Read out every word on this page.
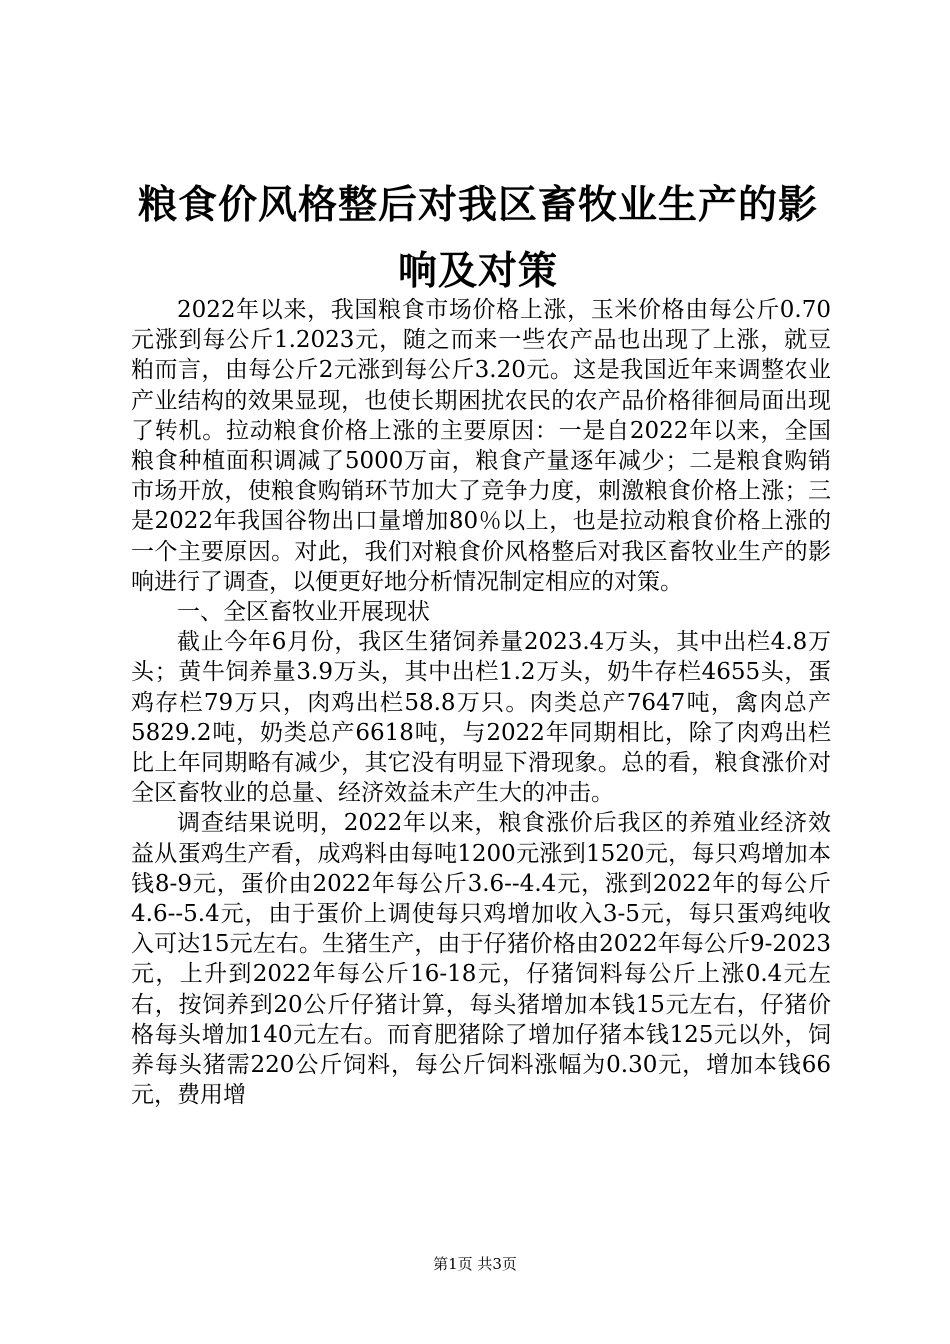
粮食价风格整后对我区畜牧业生产的影响及对策

2022年以来，我国粮食市场价格上涨，玉米价格由每公斤0.70元涨到每公斤1.2023元，随之而来一些农产品也出现了上涨，就豆粕而言，由每公斤2元涨到每公斤3.20元。这是我国近年来调整农业产业结构的效果显现，也使长期困扰农民的农产品价格徘徊局面出现了转机。拉动粮食价格上涨的主要原因：一是自2022年以来，全国粮食种植面积调减了5000万亩，粮食产量逐年减少；二是粮食购销市场开放，使粮食购销环节加大了竞争力度，刺激粮食价格上涨；三是2022年我国谷物出口量增加80％以上，也是拉动粮食价格上涨的一个主要原因。对此，我们对粮食价风格整后对我区畜牧业生产的影响进行了调查，以便更好地分析情况制定相应的对策。

一、全区畜牧业开展现状

截止今年6月份，我区生猪饲养量2023.4万头，其中出栏4.8万头；黄牛饲养量3.9万头，其中出栏1.2万头，奶牛存栏4655头，蛋鸡存栏79万只，肉鸡出栏58.8万只。肉类总产7647吨，禽肉总产5829.2吨，奶类总产6618吨，与2022年同期相比，除了肉鸡出栏比上年同期略有减少，其它没有明显下滑现象。总的看，粮食涨价对全区畜牧业的总量、经济效益未产生大的冲击。

调查结果说明，2022年以来，粮食涨价后我区的养殖业经济效益从蛋鸡生产看，成鸡料由每吨1200元涨到1520元，每只鸡增加本钱8-9元，蛋价由2022年每公斤3.6--4.4元，涨到2022年的每公斤4.6--5.4元，由于蛋价上调使每只鸡增加收入3-5元，每只蛋鸡纯收入可达15元左右。生猪生产，由于仔猪价格由2022年每公斤9-2023元，上升到2022年每公斤16-18元，仔猪饲料每公斤上涨0.4元左右，按饲养到20公斤仔猪计算，每头猪增加本钱15元左右，仔猪价格每头增加140元左右。而育肥猪除了增加仔猪本钱125元以外，饲养每头猪需220公斤饲料，每公斤饲料涨幅为0.30元，增加本钱66元，费用增

第1页 共3页
